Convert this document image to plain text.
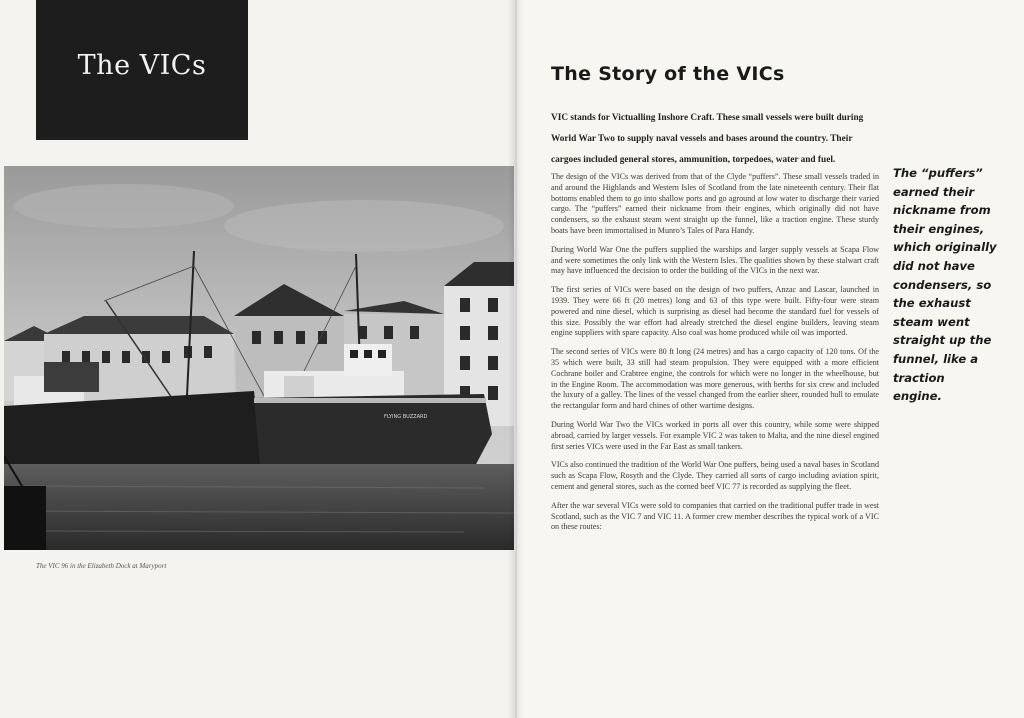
The VICs
FLYING BUZZARD
The VIC 96 in the Elizabeth Dock at Maryport
The Story of the VICs

VIC stands for Victualling Inshore Craft. These small vessels were built during World War Two to supply naval vessels and bases around the country. Their cargoes included general stores, ammunition, torpedoes, water and fuel.

The design of the VICs was derived from that of the Clyde “puffers”. These small vessels traded in and around the Highlands and Western Isles of Scotland from the late nineteenth century. Their flat bottoms enabled them to go into shallow ports and go aground at low water to discharge their varied cargo. The “puffers” earned their nickname from their engines, which originally did not have condensers, so the exhaust steam went straight up the funnel, like a traction engine. These sturdy boats have been immortalised in Munro’s Tales of Para Handy.

During World War One the puffers supplied the warships and larger supply vessels at Scapa Flow and were sometimes the only link with the Western Isles. The qualities shown by these stalwart craft may have influenced the decision to order the building of the VICs in the next war.

The first series of VICs were based on the design of two puffers, Anzac and Lascar, launched in 1939. They were 66 ft (20 metres) long and 63 of this type were built. Fifty-four were steam powered and nine diesel, which is surprising as diesel had become the standard fuel for vessels of this size. Possibly the war effort had already stretched the diesel engine builders, leaving steam engine suppliers with spare capacity. Also coal was home produced while oil was imported.

The second series of VICs were 80 ft long (24 metres) and has a cargo capacity of 120 tons. Of the 35 which were built, 33 still had steam propulsion. They were equipped with a more efficient Cochrane boiler and Crabtree engine, the controls for which were no longer in the wheelhouse, but in the Engine Room. The accommodation was more generous, with berths for six crew and included the luxury of a galley. The lines of the vessel changed from the earlier sheer, rounded hull to emulate the rectangular form and hard chines of other wartime designs.

During World War Two the VICs worked in ports all over this country, while some were shipped abroad, carried by larger vessels. For example VIC 2 was taken to Malta, and the nine diesel engined first series VICs were used in the Far East as small tankers.

VICs also continued the tradition of the World War One puffers, being used a naval bases in Scotland such as Scapa Flow, Rosyth and the Clyde. They carried all sorts of cargo including aviation spirit, cement and general stores, such as the corned beef VIC 77 is recorded as supplying the fleet.

After the war several VICs were sold to companies that carried on the traditional puffer trade in west Scotland, such as the VIC 7 and VIC 11. A former crew member describes the typical work of a VIC on these routes:

The “puffers” earned their nickname from their engines, which originally did not have condensers, so the exhaust steam went straight up the funnel, like a traction engine.
